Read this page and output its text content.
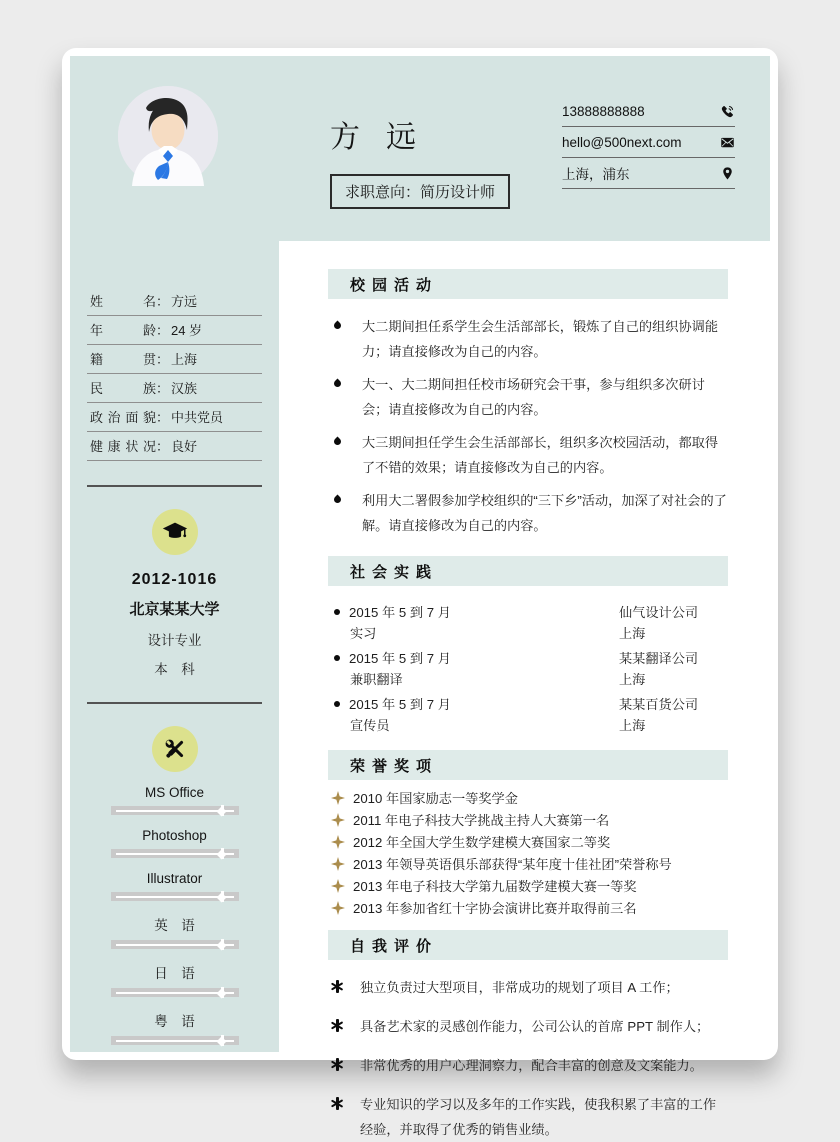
方远
求职意向：简历设计师
13888888888
hello@500next.com
上海，浦东
姓名 ： 方远
年龄 ： 24 岁
籍贯 ： 上海
民族 ： 汉族
政治面貌 ： 中共党员
健康状况 ： 良好
2012-1016
北京某某大学
设计专业
本　科
MS Office
Photoshop
Illustrator
英　语
日　语
粤　语
校园活动

大二期间担任系学生会生活部部长，锻炼了自己的组织协调能力；请直接修改为自己的内容。

大一、大二期间担任校市场研究会干事，参与组织多次研讨会；请直接修改为自己的内容。

大三期间担任学生会生活部部长，组织多次校园活动，都取得了不错的效果；请直接修改为自己的内容。

利用大二署假参加学校组织的“三下乡”活动，加深了对社会的了解。请直接修改为自己的内容。

社会实践
2015 年 5 到 7 月	仙气设计公司
实习	上海
2015 年 5 到 7 月	某某翻译公司
兼职翻译	上海
2015 年 5 到 7 月	某某百货公司
宣传员	上海
荣誉奖项
2010 年国家励志一等奖学金
2011 年电子科技大学挑战主持人大赛第一名
2012 年全国大学生数学建模大赛国家二等奖
2013 年领导英语俱乐部获得“某年度十佳社团”荣誉称号
2013 年电子科技大学第九届数学建模大赛一等奖
2013 年参加省红十字协会演讲比赛并取得前三名
自我评价

独立负责过大型项目，非常成功的规划了项目 A 工作；

具备艺术家的灵感创作能力，公司公认的首席 PPT 制作人；

非常优秀的用户心理洞察力，配合丰富的创意及文案能力。

专业知识的学习以及多年的工作实践，使我积累了丰富的工作经验，并取得了优秀的销售业绩。
